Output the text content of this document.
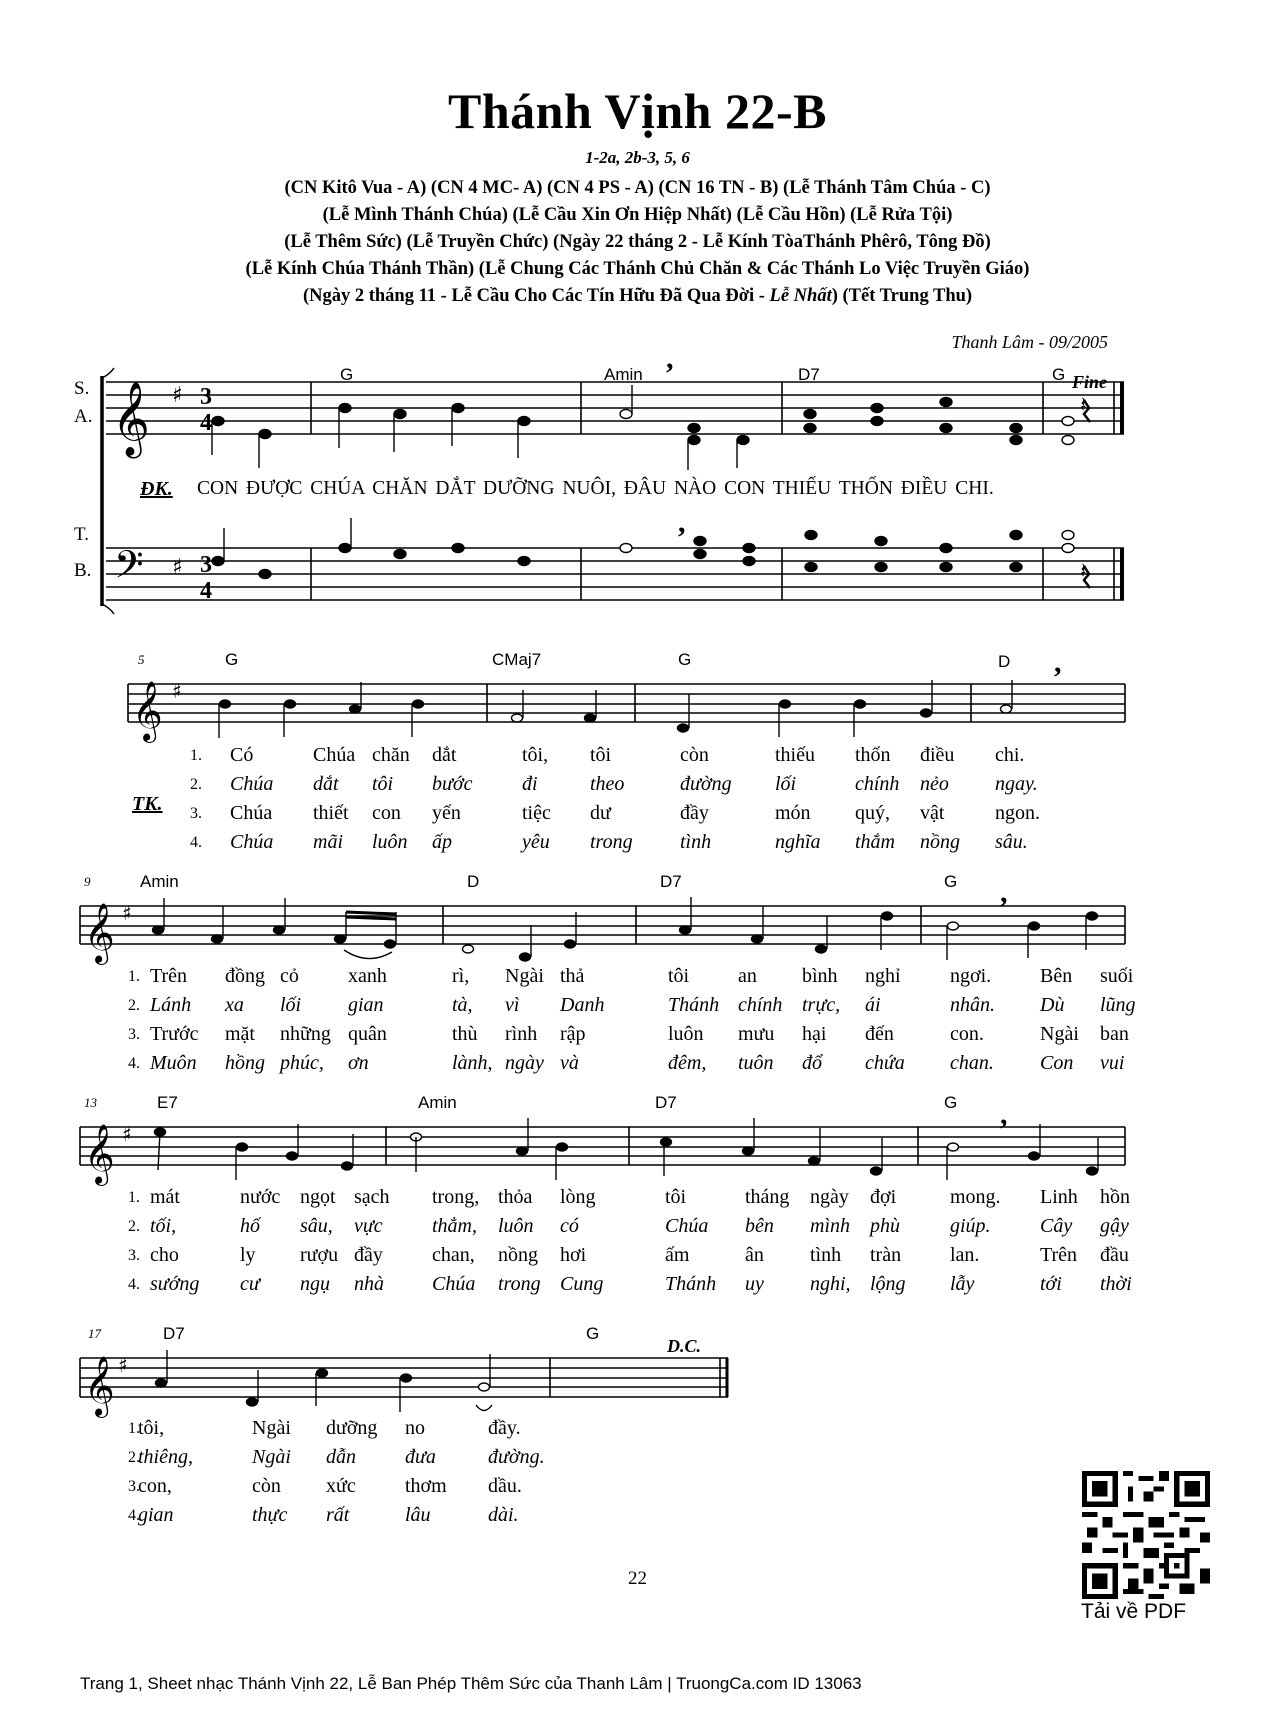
Thánh Vịnh 22-B
1-2a, 2b-3, 5, 6
(CN Kitô Vua - A) (CN 4 MC- A) (CN 4 PS - A) (CN 16 TN - B) (Lễ Thánh Tâm Chúa - C)
(Lễ Mình Thánh Chúa) (Lễ Cầu Xin Ơn Hiệp Nhất) (Lễ Cầu Hồn) (Lễ Rửa Tội)
(Lễ Thêm Sức) (Lễ Truyền Chức) (Ngày 22 tháng 2 - Lễ Kính TòaThánh Phêrô, Tông Đồ)
(Lễ Kính Chúa Thánh Thần) (Lễ Chung Các Thánh Chủ Chăn & Các Thánh Lo Việc Truyền Giáo)
(Ngày 2 tháng 11 - Lễ Cầu Cho Các Tín Hữu Đã Qua Đời - Lễ Nhất) (Tết Trung Thu)
Thanh Lâm - 09/2005
𝄞 ♯ 3
4
𝄢 ♯ 3
4
𝄞 ♯
𝄞 ♯
𝄞 ♯
𝄞 ♯
,
,
,
,
,
𝄽
𝄽
S.
A.
T.
B.
G	Amin	D7	G Fine
ĐK. CON ĐƯỢC CHÚA CHĂN DẮT DƯỠNG NUÔI, ĐÂU NÀO CON THIẾU THỐN ĐIỀU CHI.
5	G	CMaj7	G	D
TK.
1. Có	Chúa chăn dắt	tôi, tôi	còn	thiếu thốn điều chi.
2. Chúa dắt tôi bước đi	theo	đường lối	chính nẻo ngay.
3. Chúa thiết con yến	tiệc dư	đầy	món quý, vật	ngon.
4. Chúa mãi luôn ấp	yêu trong tình	nghĩa thắm nồng sâu.
9	Amin	D	D7	G
1. Trên đồng cỏ xanh	rì, Ngài thả	tôi an bình nghỉ ngơi. Bên suối
2. Lánh xa lối gian	tà, vì Danh	Thánh chính trực, ái	nhân. Dù lũng
3. Trước mặt những quân	thù rình rập	luôn mưu hại đến	con.	Ngài ban
4. Muôn hồng phúc, ơn	lành, ngày và	đêm, tuôn đổ chứa chan. Con vui
13	E7	Amin	D7	G
1. mát	nước ngọt sạch trong, thỏa lòng	tôi	tháng ngày đợi	mong. Linh hồn
2. tối,	hố sâu, vực thẳm, luôn có	Chúa bên mình phù	giúp. Cây gậy
3. cho	ly rượu đầy chan, nồng hơi	ấm	ân tình tràn lan.	Trên đầu
4. sướng cư ngụ nhà Chúa trong Cung	Thánh uy nghi, lộng lẫy	tới thời
17	D7	G
D.C.
1.
tôi,	Ngài dưỡng no	đầy.
2.
thiêng,	Ngài dẫn đưa	đường.
3.
con,	còn xức thơm dầu.
4.
gian	thực rất	lâu	dài.
22
Tải về PDF
Trang 1, Sheet nhạc Thánh Vịnh 22, Lễ Ban Phép Thêm Sức của Thanh Lâm | TruongCa.com ID 13063
